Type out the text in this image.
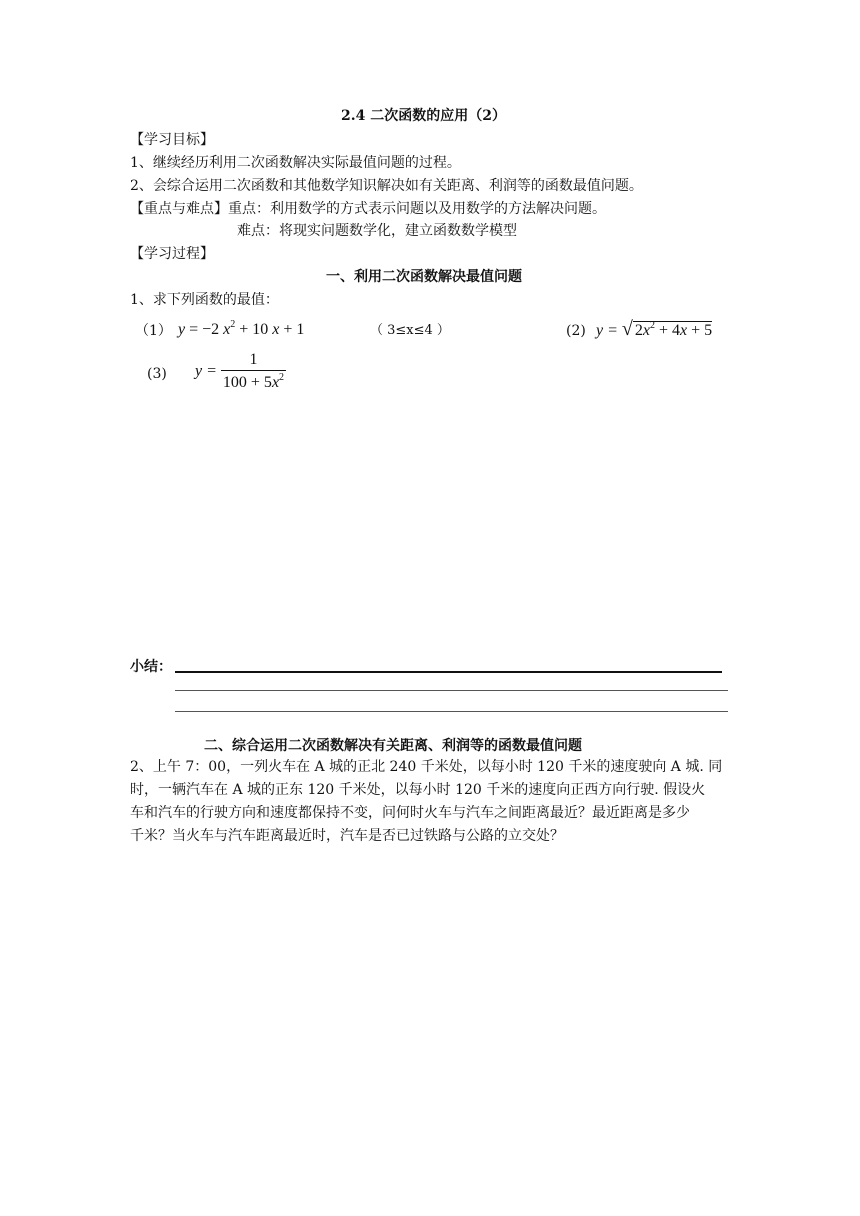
2.4 二次函数的应用（2）
【学习目标】
1、继续经历利用二次函数解决实际最值问题的过程。
2、会综合运用二次函数和其他数学知识解决如有关距离、利润等的函数最值问题。
【重点与难点】重点：利用数学的方式表示问题以及用数学的方法解决问题。
难点：将现实问题数学化，建立函数数学模型
【学习过程】
一、利用二次函数解决最值问题
1、求下列函数的最值：
（1） y = −2 $x^2 + 10$ x + 1	（ 3≤x≤4 ）	(2) y = √ $2x^2 + 4x + 5$
(3) $y = \frac{1}{100 + 5x^2}$
小结：
二、综合运用二次函数解决有关距离、利润等的函数最值问题
2、上午 7：00，一列火车在 A 城的正北 240 千米处，以每小时 120 千米的速度驶向 A 城. 同
时，一辆汽车在 A 城的正东 120 千米处，以每小时 120 千米的速度向正西方向行驶. 假设火
车和汽车的行驶方向和速度都保持不变，问何时火车与汽车之间距离最近？最近距离是多少
千米？当火车与汽车距离最近时，汽车是否已过铁路与公路的立交处？
